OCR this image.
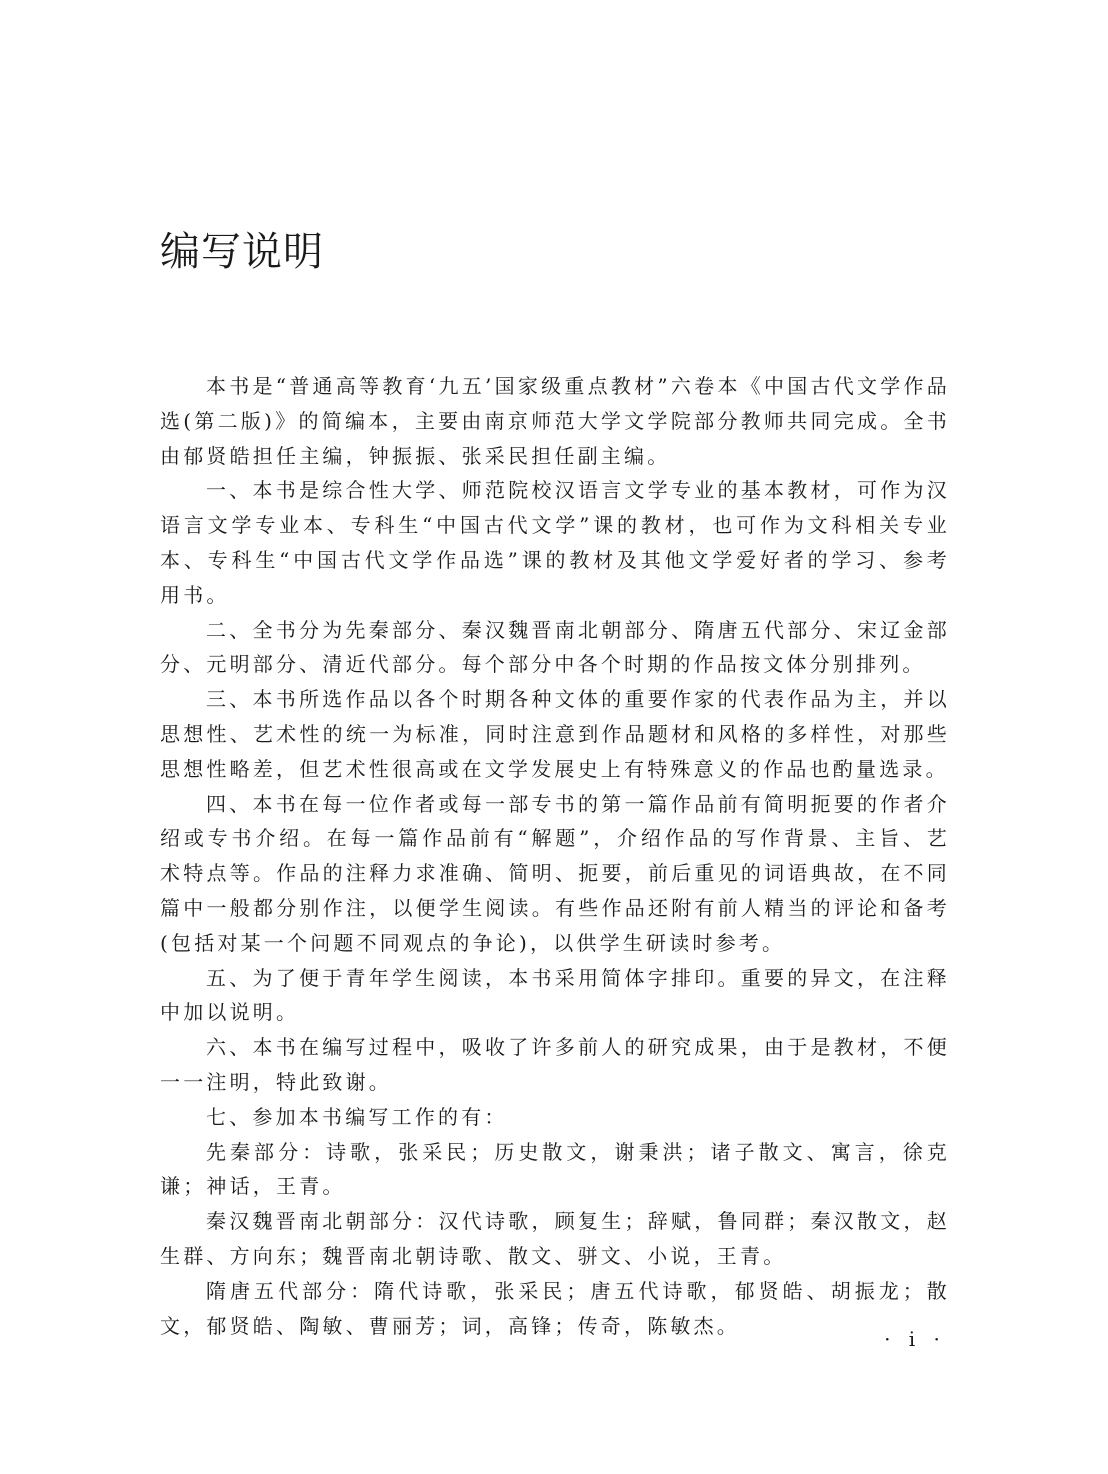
编写说明

本书是“普通高等教育‘九五’国家级重点教材”六卷本《中国古代文学作品选(第二版)》的简编本，主要由南京师范大学文学院部分教师共同完成。全书由郁贤皓担任主编，钟振振、张采民担任副主编。

一、本书是综合性大学、师范院校汉语言文学专业的基本教材，可作为汉语言文学专业本、专科生“中国古代文学”课的教材，也可作为文科相关专业本、专科生“中国古代文学作品选”课的教材及其他文学爱好者的学习、参考用书。

二、全书分为先秦部分、秦汉魏晋南北朝部分、隋唐五代部分、宋辽金部分、元明部分、清近代部分。每个部分中各个时期的作品按文体分别排列。

三、本书所选作品以各个时期各种文体的重要作家的代表作品为主，并以思想性、艺术性的统一为标准，同时注意到作品题材和风格的多样性，对那些思想性略差，但艺术性很高或在文学发展史上有特殊意义的作品也酌量选录。

四、本书在每一位作者或每一部专书的第一篇作品前有简明扼要的作者介绍或专书介绍。在每一篇作品前有“解题”，介绍作品的写作背景、主旨、艺术特点等。作品的注释力求准确、简明、扼要，前后重见的词语典故，在不同篇中一般都分别作注，以便学生阅读。有些作品还附有前人精当的评论和备考(包括对某一个问题不同观点的争论)，以供学生研读时参考。

五、为了便于青年学生阅读，本书采用简体字排印。重要的异文，在注释中加以说明。

六、本书在编写过程中，吸收了许多前人的研究成果，由于是教材，不便一一注明，特此致谢。

七、参加本书编写工作的有：

先秦部分：诗歌，张采民；历史散文，谢秉洪；诸子散文、寓言，徐克谦；神话，王青。

秦汉魏晋南北朝部分：汉代诗歌，顾复生；辞赋，鲁同群；秦汉散文，赵生群、方向东；魏晋南北朝诗歌、散文、骈文、小说，王青。

隋唐五代部分：隋代诗歌，张采民；唐五代诗歌，郁贤皓、胡振龙；散文，郁贤皓、陶敏、曹丽芳；词，高锋；传奇，陈敏杰。

· i ·
